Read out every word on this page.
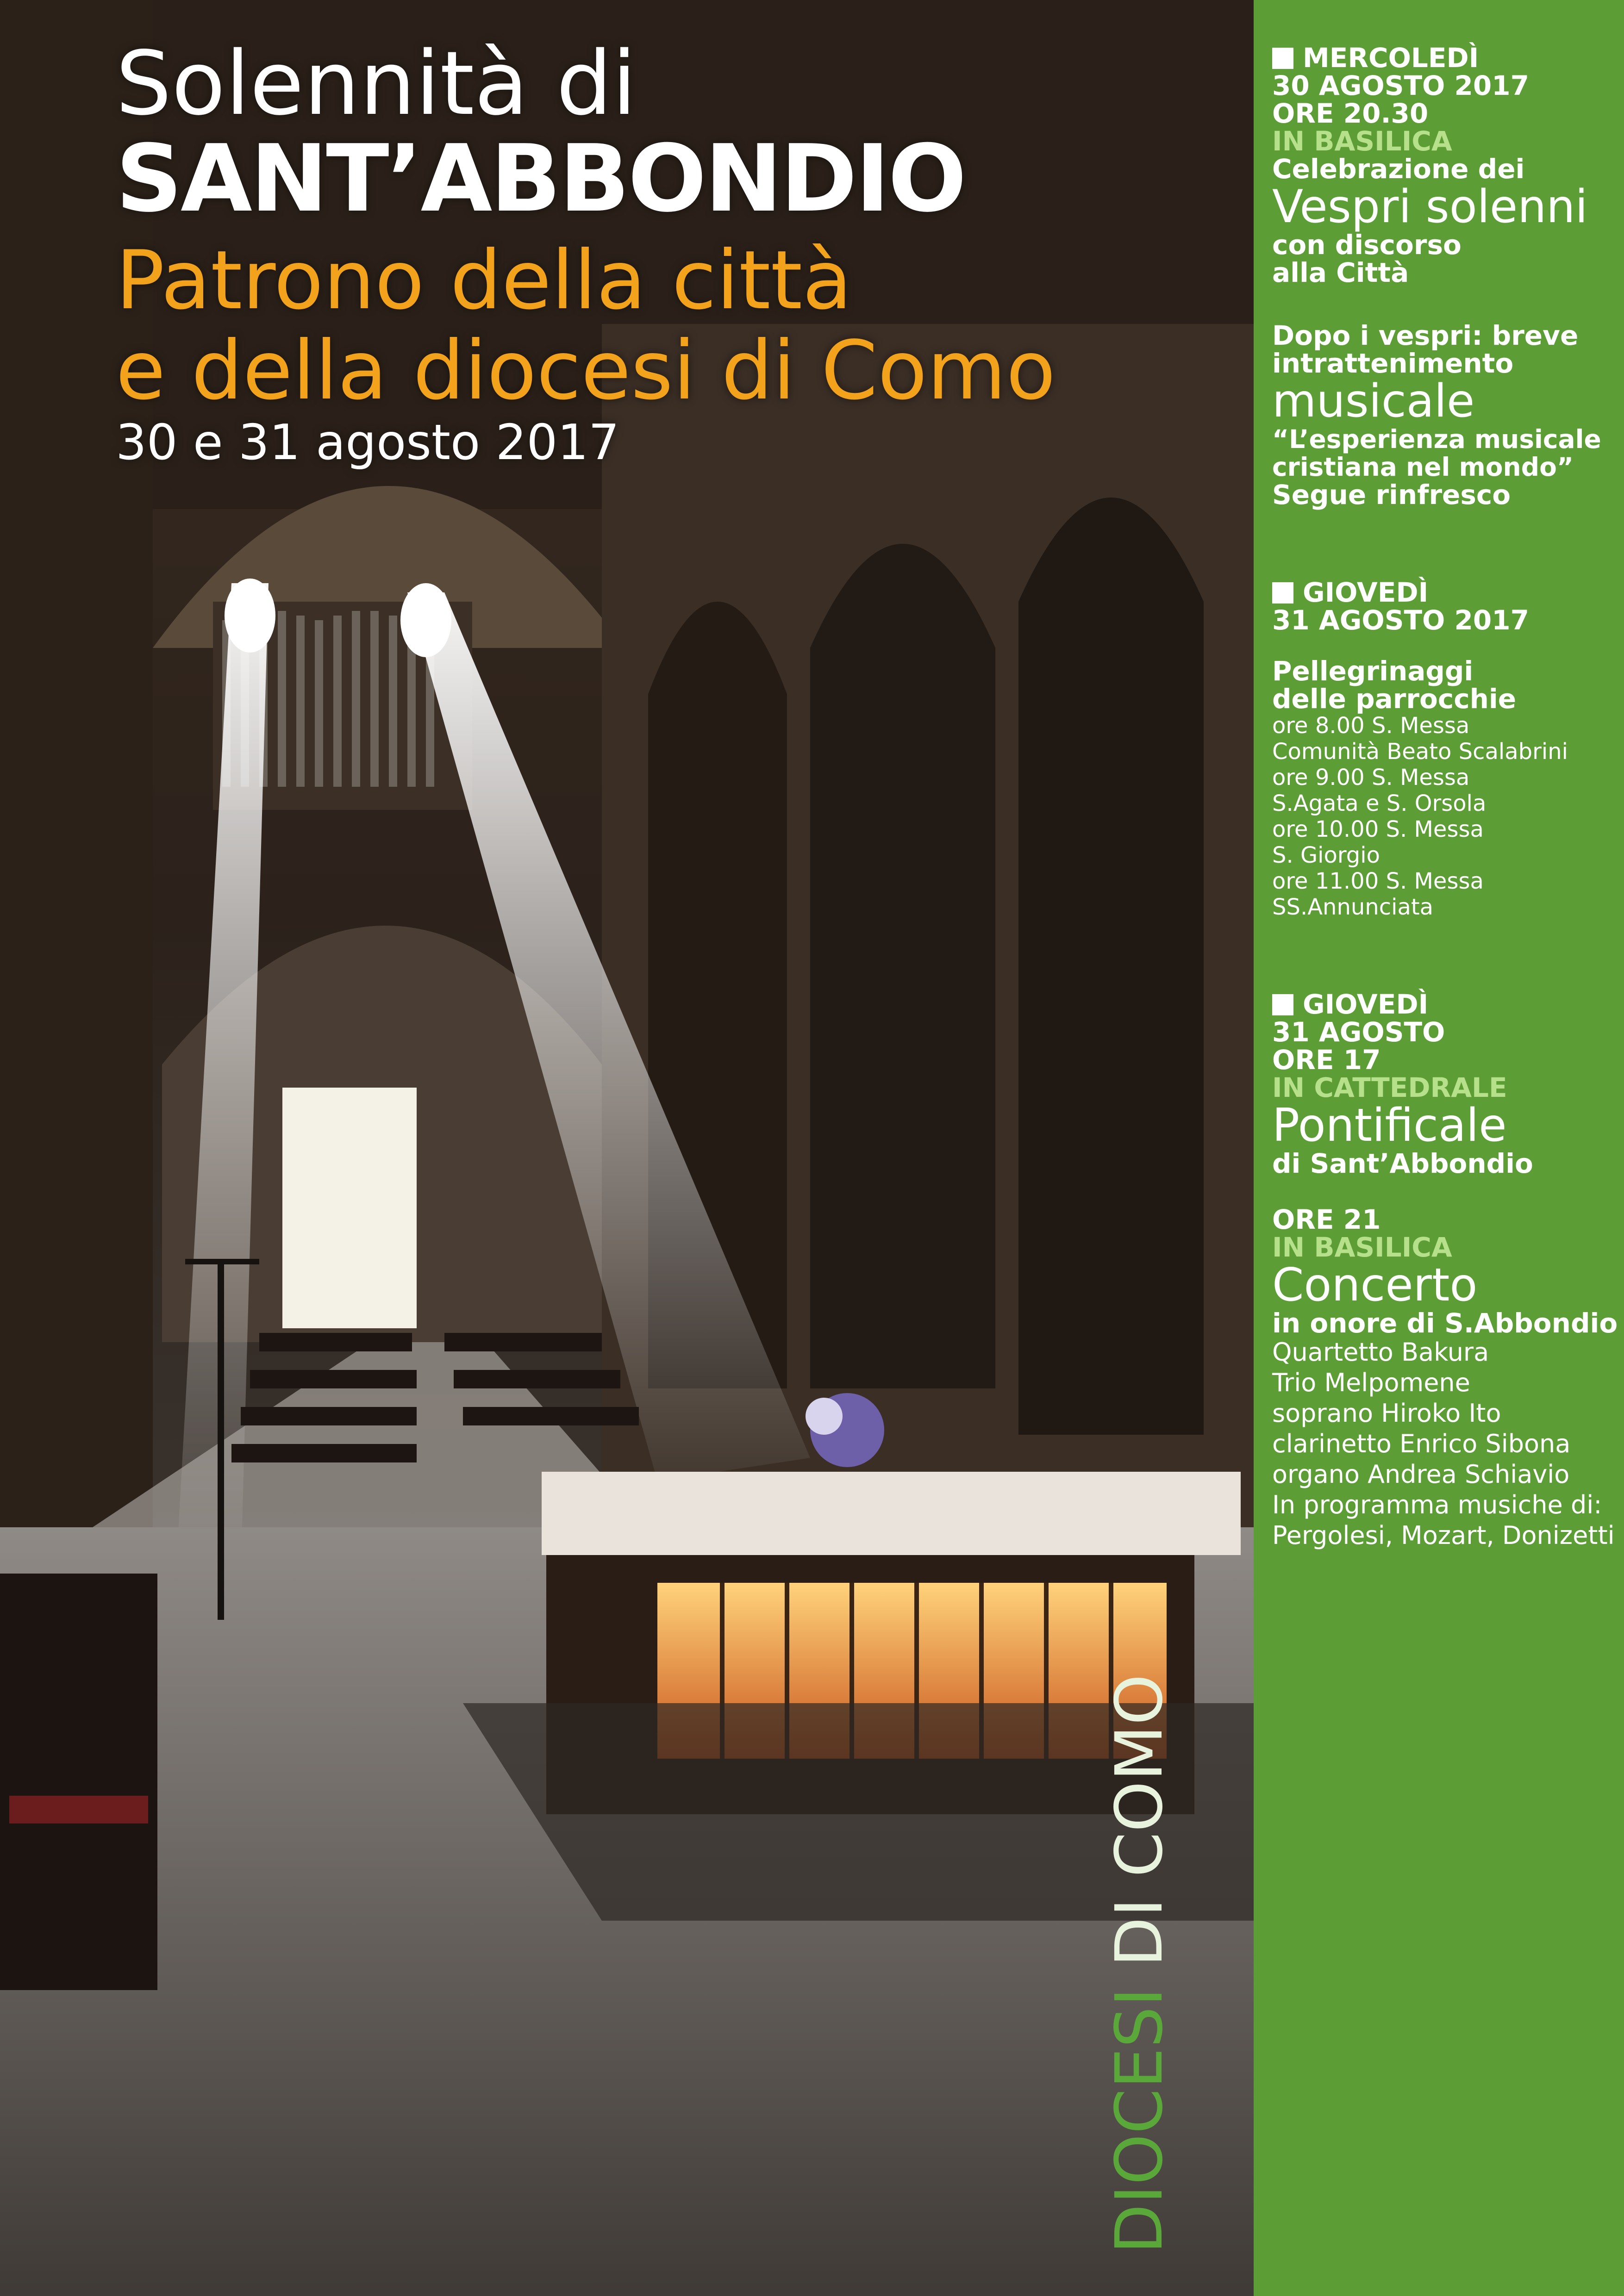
Solennità di
SANT’ABBONDIO
Patrono della città
e della diocesi di Como
30 e 31 agosto 2017
DIOCESI DI COMO
MERCOLEDÌ
30 AGOSTO 2017
ORE 20.30
IN BASILICA
Celebrazione dei
Vespri solenni
con discorso
alla Città
Dopo i vespri: breve
intrattenimento
musicale
“L’esperienza musicale
cristiana nel mondo”
Segue rinfresco
GIOVEDÌ
31 AGOSTO 2017
Pellegrinaggi
delle parrocchie
ore 8.00 S. Messa
Comunità Beato Scalabrini
ore 9.00 S. Messa
S.Agata e S. Orsola
ore 10.00 S. Messa
S. Giorgio
ore 11.00 S. Messa
SS.Annunciata
GIOVEDÌ
31 AGOSTO
ORE 17
IN CATTEDRALE
Pontificale
di Sant’Abbondio
ORE 21
IN BASILICA
Concerto
in onore di S.Abbondio
Quartetto Bakura
Trio Melpomene
soprano Hiroko Ito
clarinetto Enrico Sibona
organo Andrea Schiavio
In programma musiche di:
Pergolesi, Mozart, Donizetti
